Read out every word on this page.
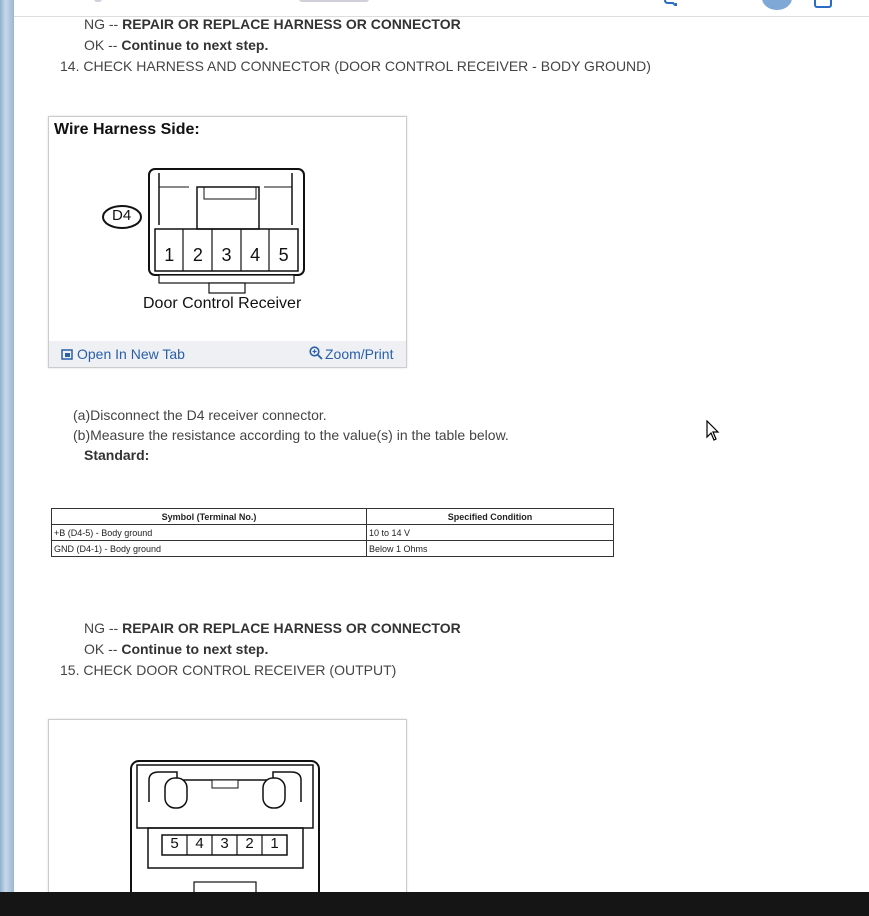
NG -- REPAIR OR REPLACE HARNESS OR CONNECTOR
OK -- Continue to next step.
14. CHECK HARNESS AND CONNECTOR (DOOR CONTROL RECEIVER - BODY GROUND)
Wire Harness Side:
D4
1	2	3	4	5
Door Control Receiver
Open In New Tab	Zoom/Print
(a)Disconnect the D4 receiver connector.
(b)Measure the resistance according to the value(s) in the table below.
Standard:
Symbol (Terminal No.)	Specified Condition
+B (D4-5) - Body ground	10 to 14 V
GND (D4-1) - Body ground	Below 1 Ohms
NG -- REPAIR OR REPLACE HARNESS OR CONNECTOR
OK -- Continue to next step.
15. CHECK DOOR CONTROL RECEIVER (OUTPUT)
5	4	3	2	1
